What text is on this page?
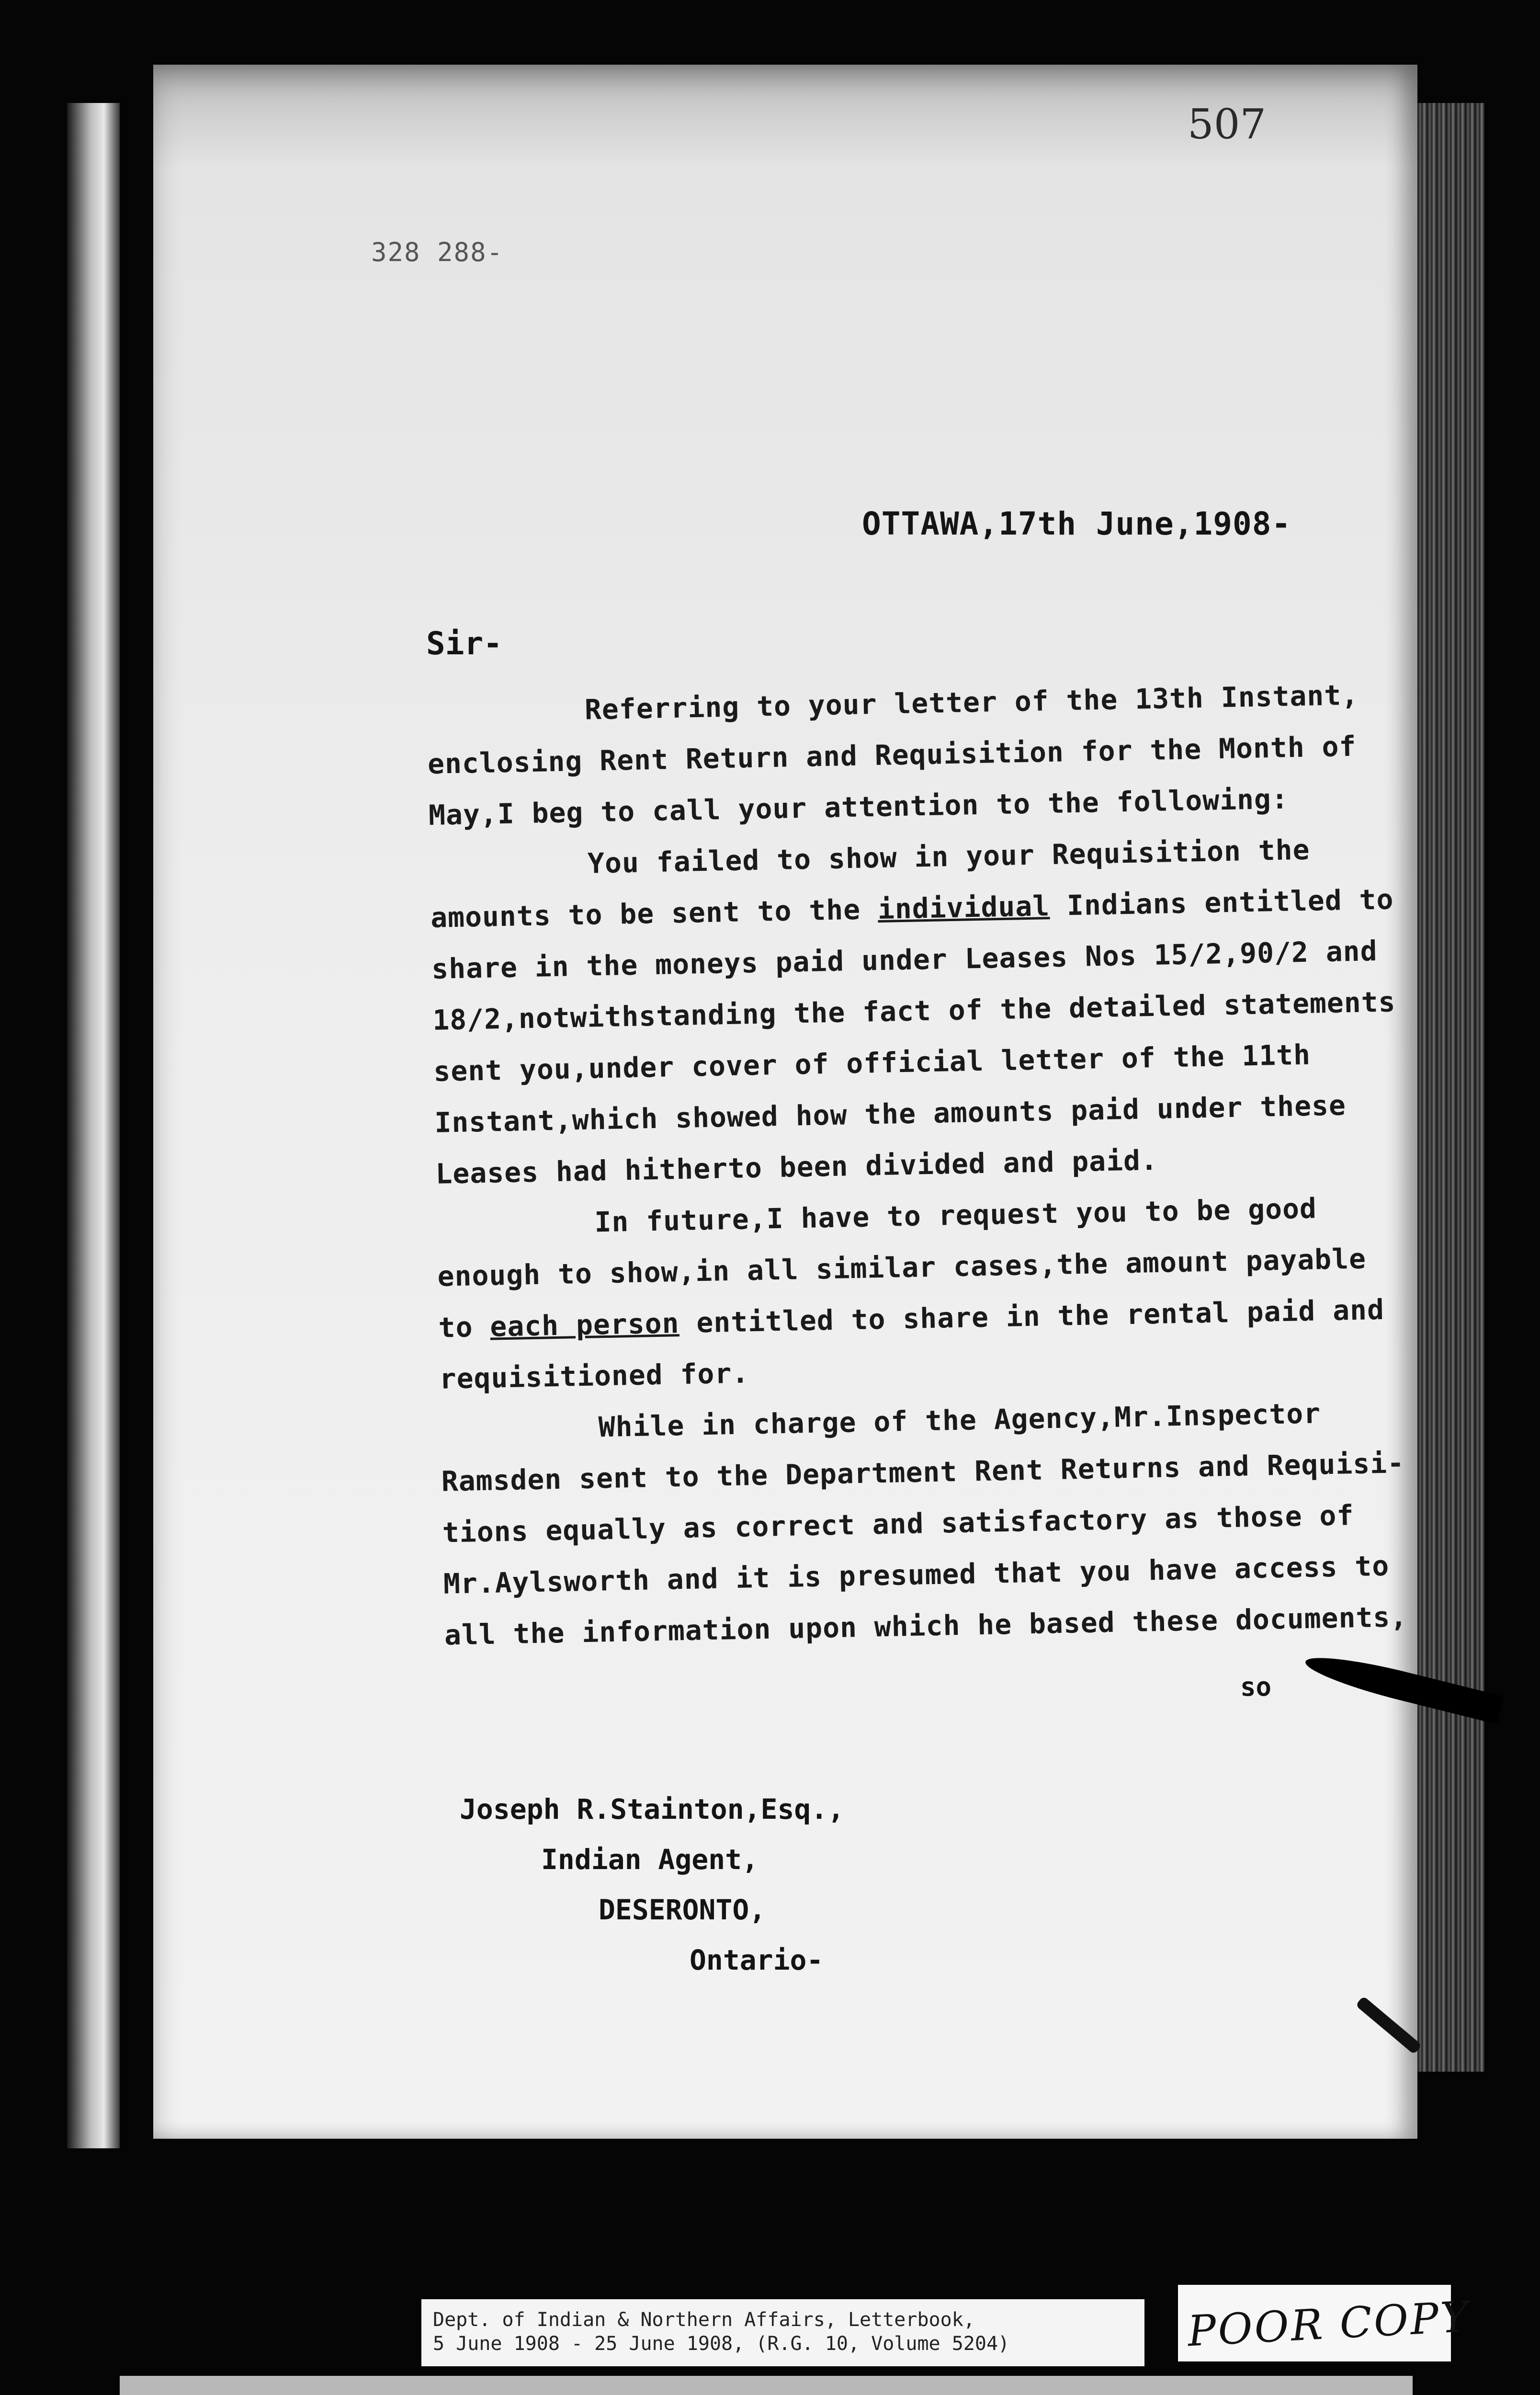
507
328 288-
OTTAWA,17th June,1908-
Sir-
Referring to your letter of the 13th Instant,
enclosing Rent Return and Requisition for the Month of
May,I beg to call your attention to the following:
You failed to show in your Requisition the
amounts to be sent to the individual Indians entitled to
share in the moneys paid under Leases Nos 15/2,90/2 and
18/2,notwithstanding the fact of the detailed statements
sent you,under cover of official letter of the 11th
Instant,which showed how the amounts paid under these
Leases had hitherto been divided and paid.
In future,I have to request you to be good
enough to show,in all similar cases,the amount payable
to each person entitled to share in the rental paid and
requisitioned for.
While in charge of the Agency,Mr.Inspector
Ramsden sent to the Department Rent Returns and Requisi-
tions equally as correct and satisfactory as those of
Mr.Aylsworth and it is presumed that you have access to
all the information upon which he based these documents,
so
Joseph R.Stainton,Esq.,
Indian Agent,
DESERONTO,
Ontario-
Dept. of Indian & Northern Affairs, Letterbook,
5 June 1908 - 25 June 1908, (R.G. 10, Volume 5204)	POOR COPY
